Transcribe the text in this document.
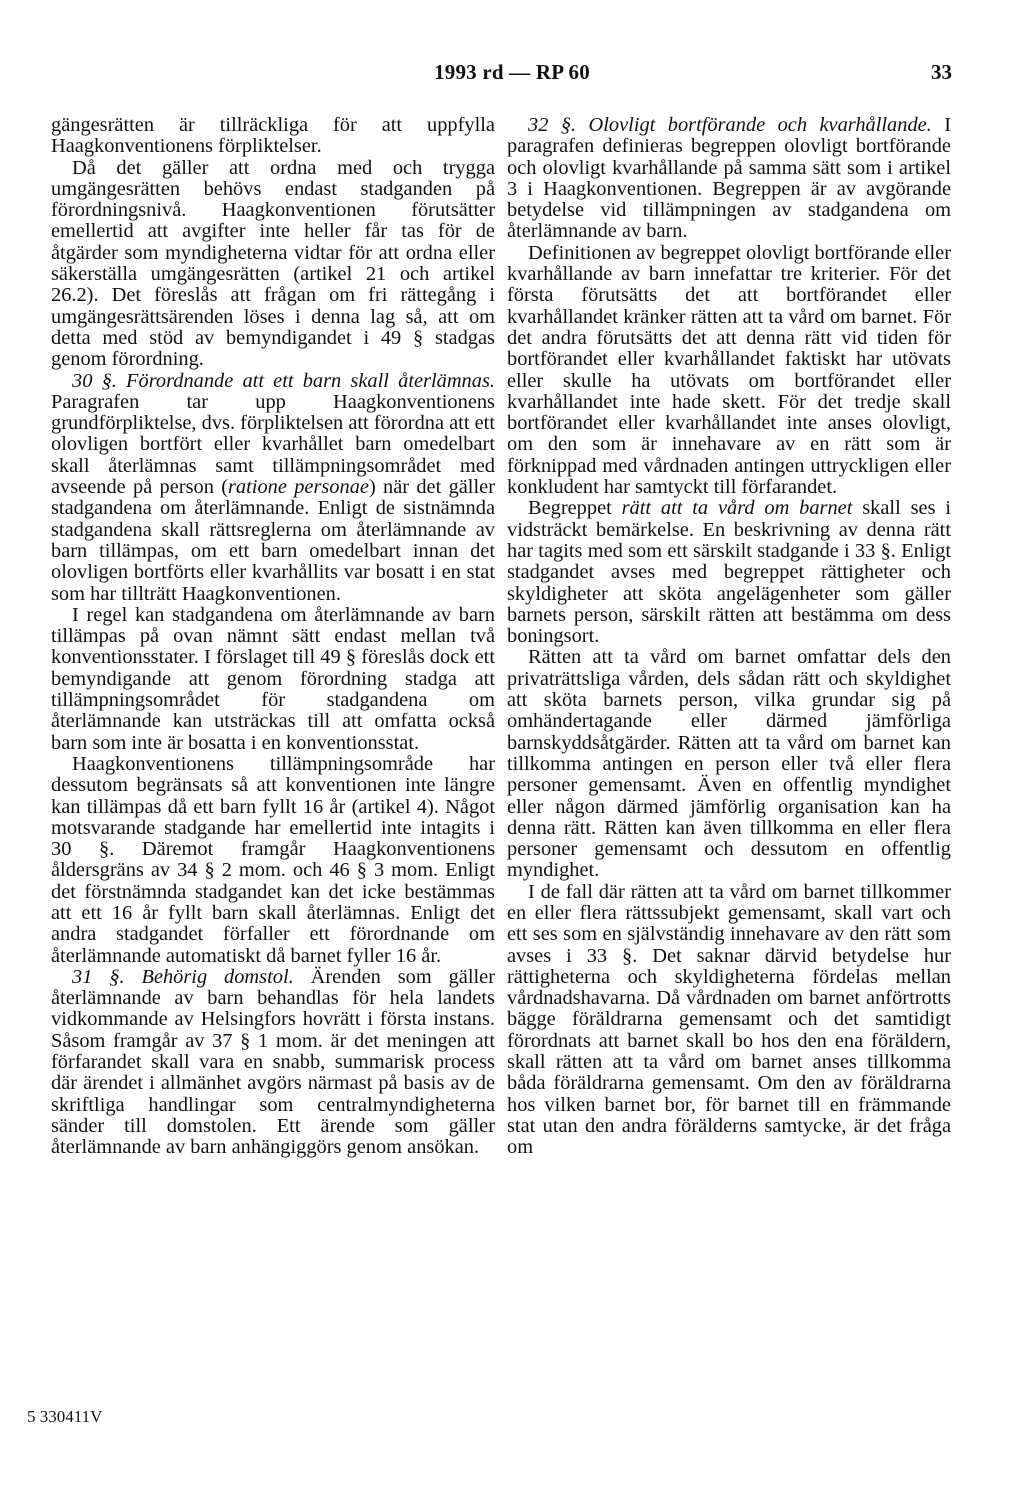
1993 rd — RP 60	33

gängesrätten är tillräckliga för att uppfylla Haagkonventionens förpliktelser.

Då det gäller att ordna med och trygga umgängesrätten behövs endast stadganden på förordningsnivå. Haagkonventionen förutsätter emellertid att avgifter inte heller får tas för de åtgärder som myndigheterna vidtar för att ordna eller säkerställa umgängesrätten (artikel 21 och artikel 26.2). Det föreslås att frågan om fri rättegång i umgängesrättsärenden löses i denna lag så, att om detta med stöd av bemyndigandet i 49 § stadgas genom förordning.

30 §. Förordnande att ett barn skall återlämnas. Paragrafen tar upp Haagkonventionens grundförpliktelse, dvs. förpliktelsen att förordna att ett olovligen bortfört eller kvarhållet barn omedelbart skall återlämnas samt tillämpningsområdet med avseende på person (ratione personae) när det gäller stadgandena om återlämnande. Enligt de sistnämnda stadgandena skall rättsreglerna om återlämnande av barn tillämpas, om ett barn omedelbart innan det olovligen bortförts eller kvarhållits var bosatt i en stat som har tillträtt Haagkonventionen.

I regel kan stadgandena om återlämnande av barn tillämpas på ovan nämnt sätt endast mellan två konventionsstater. I förslaget till 49 § föreslås dock ett bemyndigande att genom förordning stadga att tillämpningsområdet för stadgandena om återlämnande kan utsträckas till att omfatta också barn som inte är bosatta i en konventionsstat.

Haagkonventionens tillämpningsområde har dessutom begränsats så att konventionen inte längre kan tillämpas då ett barn fyllt 16 år (artikel 4). Något motsvarande stadgande har emellertid inte intagits i 30 §. Däremot framgår Haagkonventionens åldersgräns av 34 § 2 mom. och 46 § 3 mom. Enligt det förstnämnda stadgandet kan det icke bestämmas att ett 16 år fyllt barn skall återlämnas. Enligt det andra stadgandet förfaller ett förordnande om återlämnande automatiskt då barnet fyller 16 år.

31 §. Behörig domstol. Ärenden som gäller återlämnande av barn behandlas för hela landets vidkommande av Helsingfors hovrätt i första instans. Såsom framgår av 37 § 1 mom. är det meningen att förfarandet skall vara en snabb, summarisk process där ärendet i allmänhet avgörs närmast på basis av de skriftliga handlingar som centralmyndigheterna sänder till domstolen. Ett ärende som gäller återlämnande av barn anhängiggörs genom ansökan.

32 §. Olovligt bortförande och kvarhållande. I paragrafen definieras begreppen olovligt bortförande och olovligt kvarhållande på samma sätt som i artikel 3 i Haagkonventionen. Begreppen är av avgörande betydelse vid tillämpningen av stadgandena om återlämnande av barn.

Definitionen av begreppet olovligt bortförande eller kvarhållande av barn innefattar tre kriterier. För det första förutsätts det att bortförandet eller kvarhållandet kränker rätten att ta vård om barnet. För det andra förutsätts det att denna rätt vid tiden för bortförandet eller kvarhållandet faktiskt har utövats eller skulle ha utövats om bortförandet eller kvarhållandet inte hade skett. För det tredje skall bortförandet eller kvarhållandet inte anses olovligt, om den som är innehavare av en rätt som är förknippad med vårdnaden antingen uttryckligen eller konkludent har samtyckt till förfarandet.

Begreppet rätt att ta vård om barnet skall ses i vidsträckt bemärkelse. En beskrivning av denna rätt har tagits med som ett särskilt stadgande i 33 §. Enligt stadgandet avses med begreppet rättigheter och skyldigheter att sköta angelägenheter som gäller barnets person, särskilt rätten att bestämma om dess boningsort.

Rätten att ta vård om barnet omfattar dels den privaträttsliga vården, dels sådan rätt och skyldighet att sköta barnets person, vilka grundar sig på omhändertagande eller därmed jämförliga barnskyddsåtgärder. Rätten att ta vård om barnet kan tillkomma antingen en person eller två eller flera personer gemensamt. Även en offentlig myndighet eller någon därmed jämförlig organisation kan ha denna rätt. Rätten kan även tillkomma en eller flera personer gemensamt och dessutom en offentlig myndighet.

I de fall där rätten att ta vård om barnet tillkommer en eller flera rättssubjekt gemensamt, skall vart och ett ses som en självständig innehavare av den rätt som avses i 33 §. Det saknar därvid betydelse hur rättigheterna och skyldigheterna fördelas mellan vårdnadshavarna. Då vårdnaden om barnet anförtrotts bägge föräldrarna gemensamt och det samtidigt förordnats att barnet skall bo hos den ena föräldern, skall rätten att ta vård om barnet anses tillkomma båda föräldrarna gemensamt. Om den av föräldrarna hos vilken barnet bor, för barnet till en främmande stat utan den andra förälderns samtycke, är det fråga om

5 330411V
